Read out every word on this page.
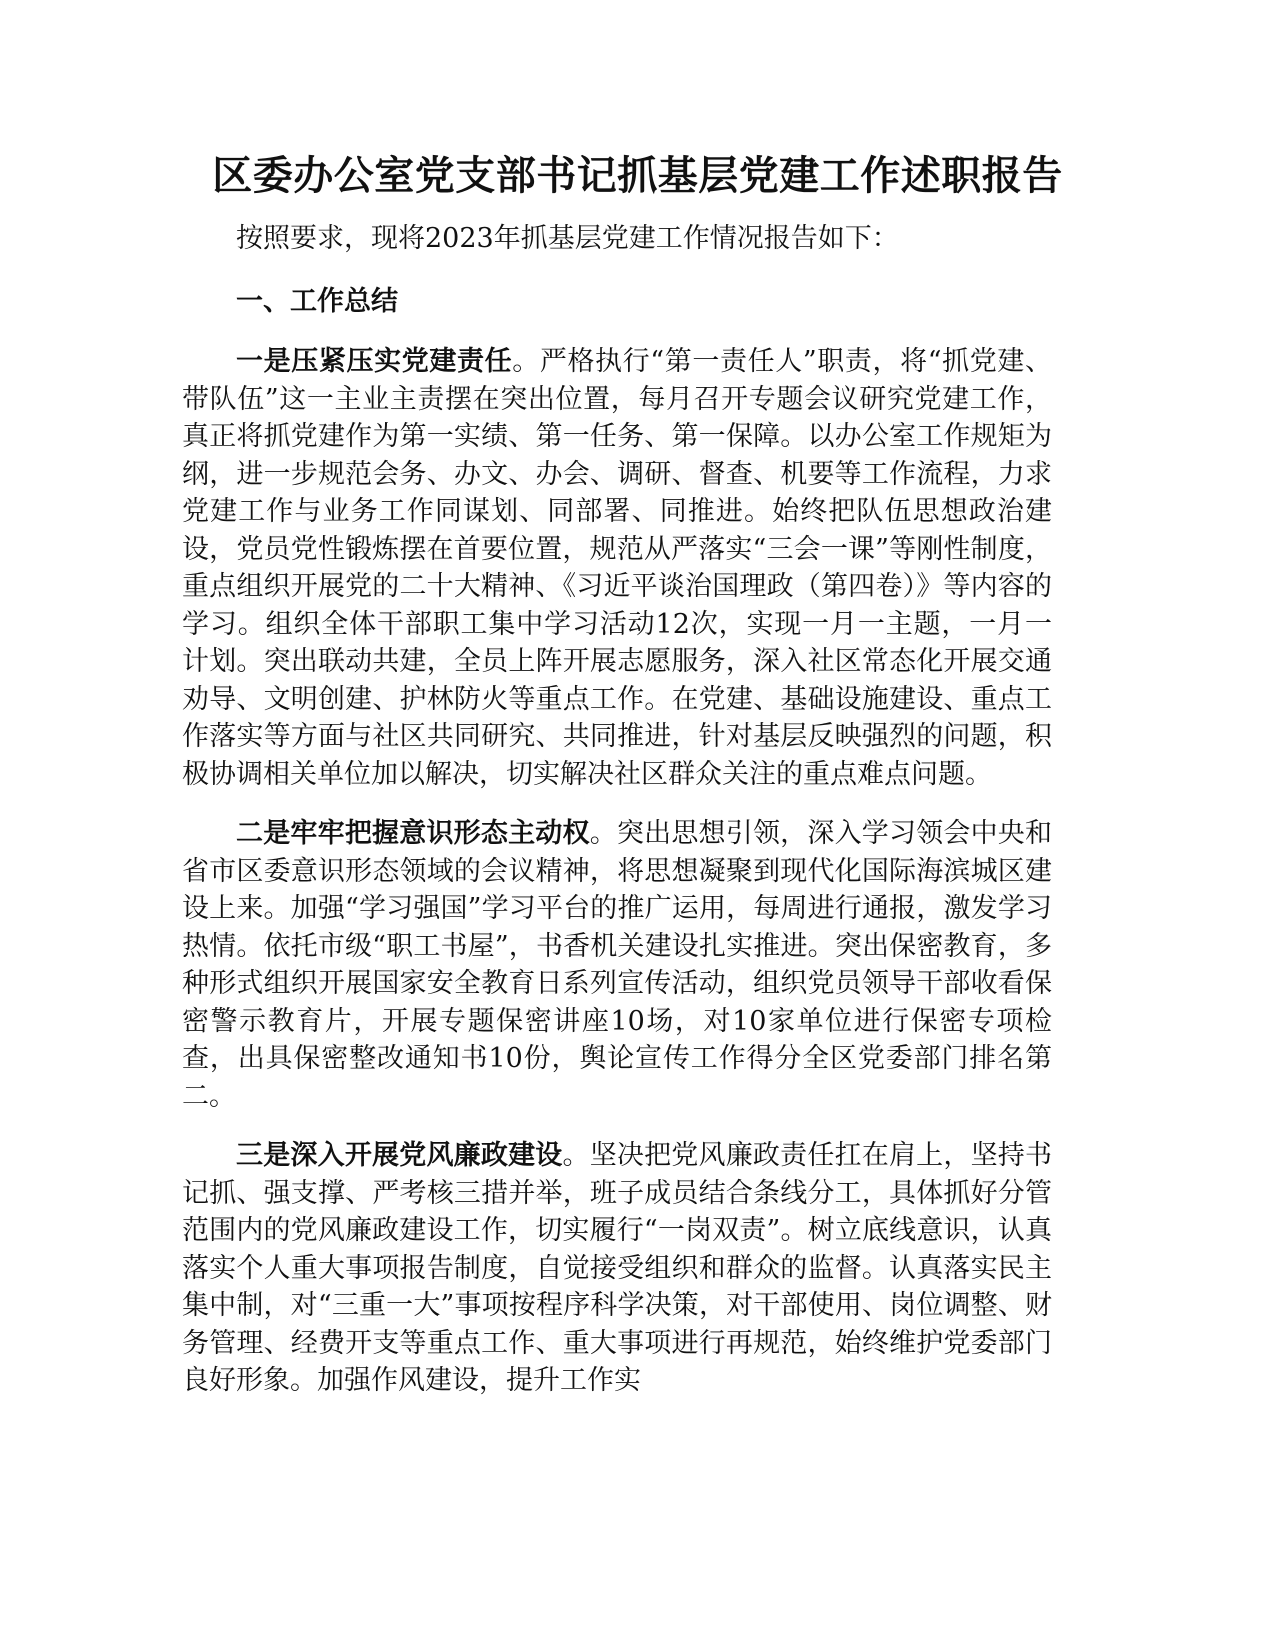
区委办公室党支部书记抓基层党建工作述职报告

按照要求，现将2023年抓基层党建工作情况报告如下：

一、工作总结

一是压紧压实党建责任。严格执行“第一责任人”职责，将“抓党建、带队伍”这一主业主责摆在突出位置，每月召开专题会议研究党建工作，真正将抓党建作为第一实绩、第一任务、第一保障。以办公室工作规矩为纲，进一步规范会务、办文、办会、调研、督查、机要等工作流程，力求党建工作与业务工作同谋划、同部署、同推进。始终把队伍思想政治建设，党员党性锻炼摆在首要位置，规范从严落实“三会一课”等刚性制度，重点组织开展党的二十大精神、《习近平谈治国理政（第四卷）》等内容的学习。组织全体干部职工集中学习活动12次，实现一月一主题，一月一计划。突出联动共建，全员上阵开展志愿服务，深入社区常态化开展交通劝导、文明创建、护林防火等重点工作。在党建、基础设施建设、重点工作落实等方面与社区共同研究、共同推进，针对基层反映强烈的问题，积极协调相关单位加以解决，切实解决社区群众关注的重点难点问题。

二是牢牢把握意识形态主动权。突出思想引领，深入学习领会中央和省市区委意识形态领域的会议精神，将思想凝聚到现代化国际海滨城区建设上来。加强“学习强国”学习平台的推广运用，每周进行通报，激发学习热情。依托市级“职工书屋”，书香机关建设扎实推进。突出保密教育，多种形式组织开展国家安全教育日系列宣传活动，组织党员领导干部收看保密警示教育片，开展专题保密讲座10场，对10家单位进行保密专项检查，出具保密整改通知书10份，舆论宣传工作得分全区党委部门排名第二。

三是深入开展党风廉政建设。坚决把党风廉政责任扛在肩上，坚持书记抓、强支撑、严考核三措并举，班子成员结合条线分工，具体抓好分管范围内的党风廉政建设工作，切实履行“一岗双责”。树立底线意识，认真落实个人重大事项报告制度，自觉接受组织和群众的监督。认真落实民主集中制，对“三重一大”事项按程序科学决策，对干部使用、岗位调整、财务管理、经费开支等重点工作、重大事项进行再规范，始终维护党委部门良好形象。加强作风建设，提升工作实
